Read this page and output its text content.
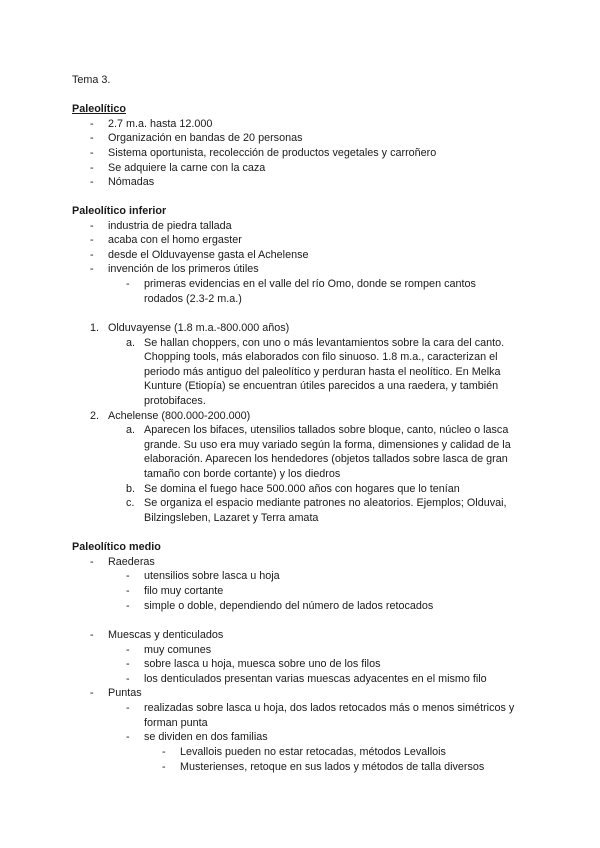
Tema 3.
Paleolítico
- 2.7 m.a. hasta 12.000
- Organización en bandas de 20 personas
- Sistema oportunista, recolección de productos vegetales y carroñero
- Se adquiere la carne con la caza
- Nómadas
Paleolítico inferior
- industria de piedra tallada
- acaba con el homo ergaster
- desde el Olduvayense gasta el Achelense
- invención de los primeros útiles
- primeras evidencias en el valle del río Omo, donde se rompen cantos
rodados (2.3-2 m.a.)
1. Olduvayense (1.8 m.a.-800.000 años)
a. Se hallan choppers, con uno o más levantamientos sobre la cara del canto.
Chopping tools, más elaborados con filo sinuoso. 1.8 m.a., caracterizan el
periodo más antiguo del paleolítico y perduran hasta el neolítico. En Melka
Kunture (Etiopía) se encuentran útiles parecidos a una raedera, y también
protobifaces.
2. Achelense (800.000-200.000)
a. Aparecen los bifaces, utensilios tallados sobre bloque, canto, núcleo o lasca
grande. Su uso era muy variado según la forma, dimensiones y calidad de la
elaboración. Aparecen los hendedores (objetos tallados sobre lasca de gran
tamaño con borde cortante) y los diedros
b. Se domina el fuego hace 500.000 años con hogares que lo tenían
c. Se organiza el espacio mediante patrones no aleatorios. Ejemplos; Olduvai,
Bilzingsleben, Lazaret y Terra amata
Paleolítico medio
- Raederas
- utensilios sobre lasca u hoja
- filo muy cortante
- simple o doble, dependiendo del número de lados retocados
- Muescas y denticulados
- muy comunes
- sobre lasca u hoja, muesca sobre uno de los filos
- los denticulados presentan varias muescas adyacentes en el mismo filo
- Puntas
- realizadas sobre lasca u hoja, dos lados retocados más o menos simétricos y
forman punta
- se dividen en dos familias
- Levallois pueden no estar retocadas, métodos Levallois
- Musterienses, retoque en sus lados y métodos de talla diversos
